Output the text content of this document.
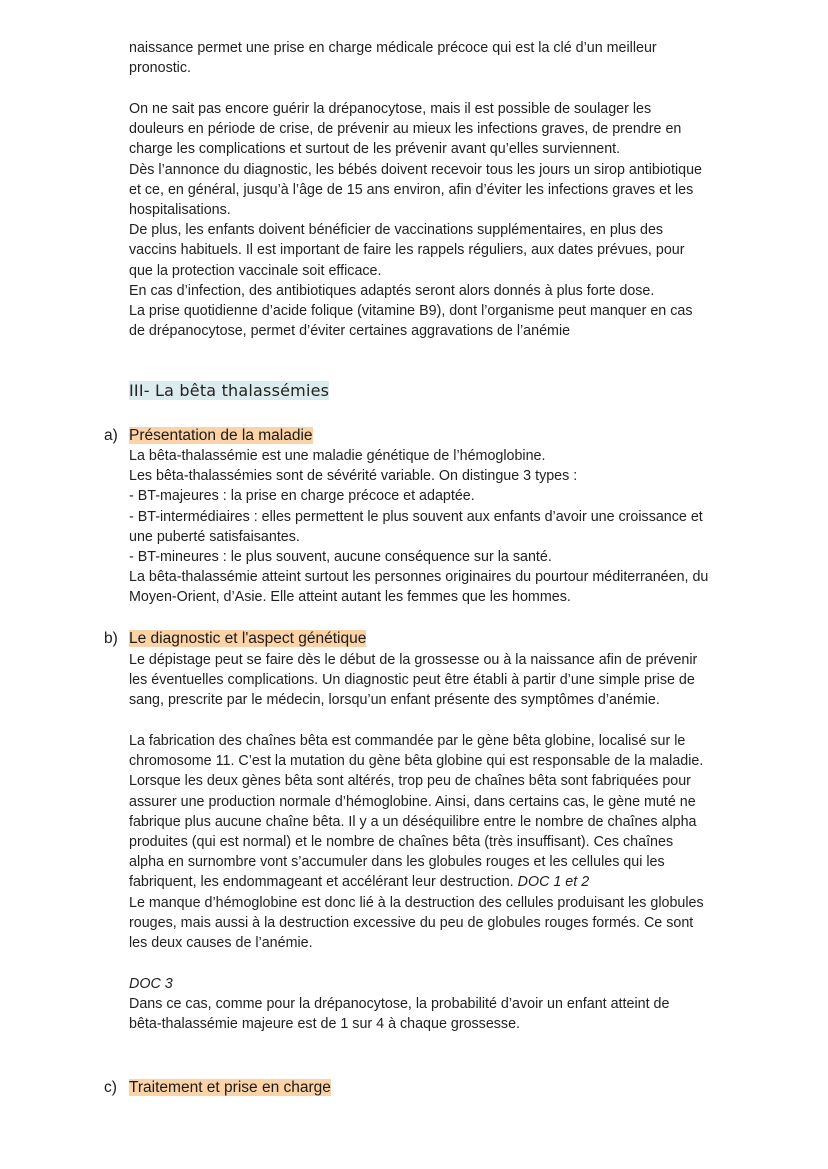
naissance permet une prise en charge médicale précoce qui est la clé d’un meilleur
pronostic.
On ne sait pas encore guérir la drépanocytose, mais il est possible de soulager les
douleurs en période de crise, de prévenir au mieux les infections graves, de prendre en
charge les complications et surtout de les prévenir avant qu’elles surviennent.
Dès l’annonce du diagnostic, les bébés doivent recevoir tous les jours un sirop antibiotique
et ce, en général, jusqu’à l’âge de 15 ans environ, afin d’éviter les infections graves et les
hospitalisations.
De plus, les enfants doivent bénéficier de vaccinations supplémentaires, en plus des
vaccins habituels. Il est important de faire les rappels réguliers, aux dates prévues, pour
que la protection vaccinale soit efficace.
En cas d’infection, des antibiotiques adaptés seront alors donnés à plus forte dose.
La prise quotidienne d’acide folique (vitamine B9), dont l’organisme peut manquer en cas
de drépanocytose, permet d’éviter certaines aggravations de l’anémie
III- La bêta thalassémies
a) Présentation de la maladie
La bêta-thalassémie est une maladie génétique de l’hémoglobine.
Les bêta-thalassémies sont de sévérité variable. On distingue 3 types :
- BT-majeures : la prise en charge précoce et adaptée.
- BT-intermédiaires : elles permettent le plus souvent aux enfants d’avoir une croissance et
une puberté satisfaisantes.
- BT-mineures : le plus souvent, aucune conséquence sur la santé.
La bêta-thalassémie atteint surtout les personnes originaires du pourtour méditerranéen, du
Moyen-Orient, d’Asie. Elle atteint autant les femmes que les hommes.
b) Le diagnostic et l'aspect génétique
Le dépistage peut se faire dès le début de la grossesse ou à la naissance afin de prévenir
les éventuelles complications. Un diagnostic peut être établi à partir d’une simple prise de
sang, prescrite par le médecin, lorsqu’un enfant présente des symptômes d’anémie.
La fabrication des chaînes bêta est commandée par le gène bêta globine, localisé sur le
chromosome 11. C’est la mutation du gène bêta globine qui est responsable de la maladie.
Lorsque les deux gènes bêta sont altérés, trop peu de chaînes bêta sont fabriquées pour
assurer une production normale d’hémoglobine. Ainsi, dans certains cas, le gène muté ne
fabrique plus aucune chaîne bêta. Il y a un déséquilibre entre le nombre de chaînes alpha
produites (qui est normal) et le nombre de chaînes bêta (très insuffisant). Ces chaînes
alpha en surnombre vont s’accumuler dans les globules rouges et les cellules qui les
fabriquent, les endommageant et accélérant leur destruction. DOC 1 et 2
Le manque d’hémoglobine est donc lié à la destruction des cellules produisant les globules
rouges, mais aussi à la destruction excessive du peu de globules rouges formés. Ce sont
les deux causes de l’anémie.
DOC 3
Dans ce cas, comme pour la drépanocytose, la probabilité d’avoir un enfant atteint de
bêta-thalassémie majeure est de 1 sur 4 à chaque grossesse.
c) Traitement et prise en charge
